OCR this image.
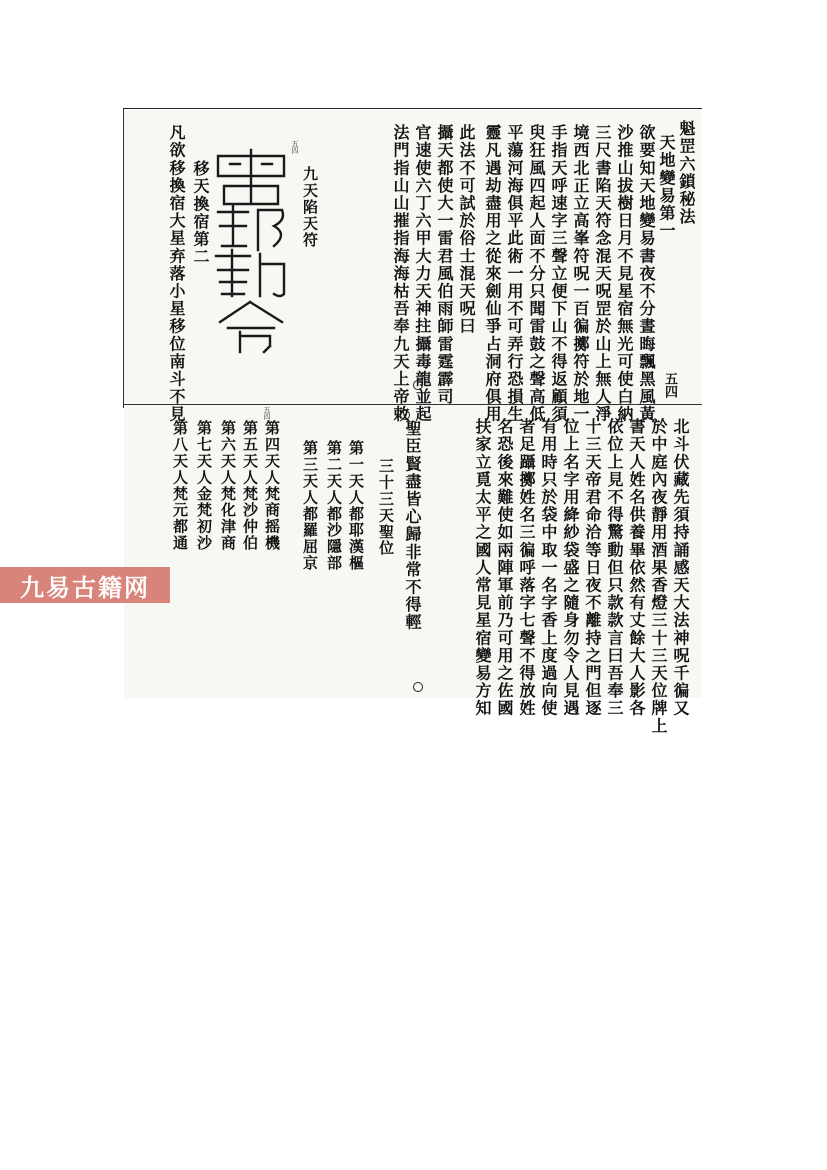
五四
魁罡六鎖秘法
天地變易第一
欲要知天地變易書夜不分晝晦飄黑風黃
沙推山拔樹日月不見星宿無光可使白納
三尺書陷天符念混天呪罡於山上無人淨
境西北正立高峯符呪一百徧擲符於地一
手指天呼速字三聲立便下山不得返顧須
臾狂風四起人面不分只聞雷鼓之聲高低
平蕩河海俱平此術一用不可弄行恐損生
靈凡遇劫盡用之從來劍仙爭占洞府俱用
此法不可試於俗士混天呪曰
攝天都使大一雷君風伯雨師雷霆霹司
官速使六丁六甲大力天神拄攝毒龍並起
法門指山山摧指海海枯吾奉九天上帝敕
九天陷天符
移天換宿第二
凡欲移換宿大星弃落小星移位南斗不見	五四
北斗伏藏先須持誦感天大法神呪千徧又
於中庭內夜靜用酒果香燈三十三天位牌上
書天人姓名供養畢依然有丈餘大人影各
依位上見不得驚動但只款款言曰吾奉三
十三天帝君命洽等日夜不離持之門但逐
位上名字用絳紗袋盛之隨身勿令人見遇
有用時只於袋中取一名字香上度過向使
者足躡擲姓名三徧呼落字七聲不得放姓
名恐後來難使如兩陣軍前乃可用之佐國
扶家立覓太平之國人常見星宿變易方知
聖臣賢盡皆心歸非常不得輕
三十三天聖位
第一天人都耶漢樞
第二天人都沙隱部
第三天人都羅屈京
第四天人梵商摇機
第五天人梵沙仲伯
第六天人梵化津商
第七天人金梵初沙
第八天人梵元都通
五四
九易古籍网
